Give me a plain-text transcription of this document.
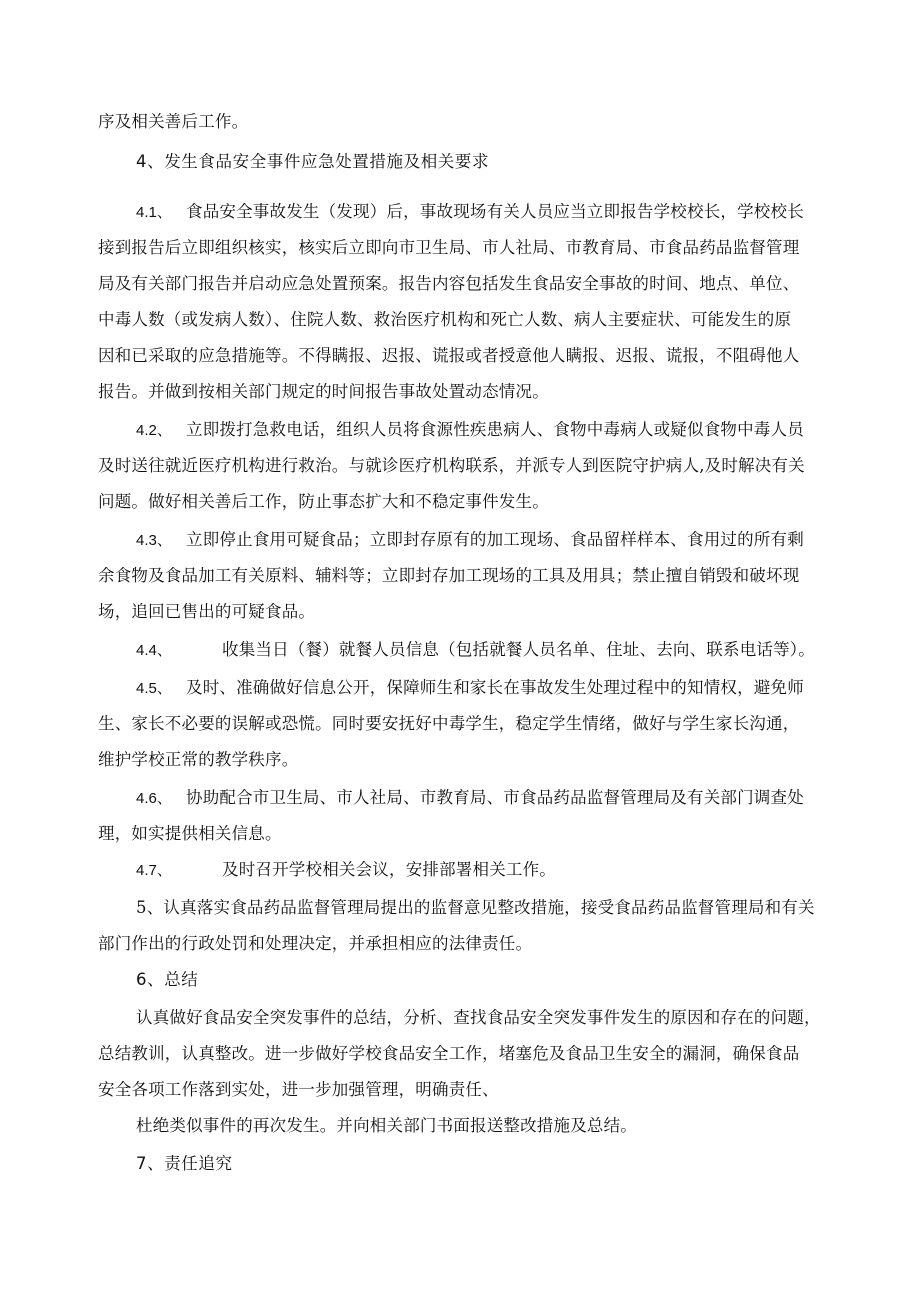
序及相关善后工作。
4、发生食品安全事件应急处置措施及相关要求
4.1、 食品安全事故发生（发现）后，事故现场有关人员应当立即报告学校校长，学校校长
接到报告后立即组织核实，核实后立即向市卫生局、市人社局、市教育局、市食品药品监督管理
局及有关部门报告并启动应急处置预案。报告内容包括发生食品安全事故的时间、地点、单位、
中毒人数（或发病人数）、住院人数、救治医疗机构和死亡人数、病人主要症状、可能发生的原
因和已采取的应急措施等。不得瞒报、迟报、谎报或者授意他人瞒报、迟报、谎报，不阻碍他人
报告。并做到按相关部门规定的时间报告事故处置动态情况。
4.2、 立即拨打急救电话，组织人员将食源性疾患病人、食物中毒病人或疑似食物中毒人员
及时送往就近医疗机构进行救治。与就诊医疗机构联系，并派专人到医院守护病人,及时解决有关
问题。做好相关善后工作，防止事态扩大和不稳定事件发生。
4.3、 立即停止食用可疑食品；立即封存原有的加工现场、食品留样样本、食用过的所有剩
余食物及食品加工有关原料、辅料等；立即封存加工现场的工具及用具；禁止擅自销毁和破坏现
场，追回已售出的可疑食品。
4.4、	收集当日（餐）就餐人员信息（包括就餐人员名单、住址、去向、联系电话等）。
4.5、 及时、准确做好信息公开，保障师生和家长在事故发生处理过程中的知情权，避免师
生、家长不必要的误解或恐慌。同时要安抚好中毒学生，稳定学生情绪，做好与学生家长沟通，
维护学校正常的教学秩序。
4.6、 协助配合市卫生局、市人社局、市教育局、市食品药品监督管理局及有关部门调查处
理，如实提供相关信息。
4.7、	及时召开学校相关会议，安排部署相关工作。
5、认真落实食品药品监督管理局提出的监督意见整改措施，接受食品药品监督管理局和有关
部门作出的行政处罚和处理决定，并承担相应的法律责任。
6、总结
认真做好食品安全突发事件的总结，分析、查找食品安全突发事件发生的原因和存在的问题，
总结教训，认真整改。进一步做好学校食品安全工作，堵塞危及食品卫生安全的漏洞，确保食品
安全各项工作落到实处，进一步加强管理，明确责任、
杜绝类似事件的再次发生。并向相关部门书面报送整改措施及总结。
7、责任追究
